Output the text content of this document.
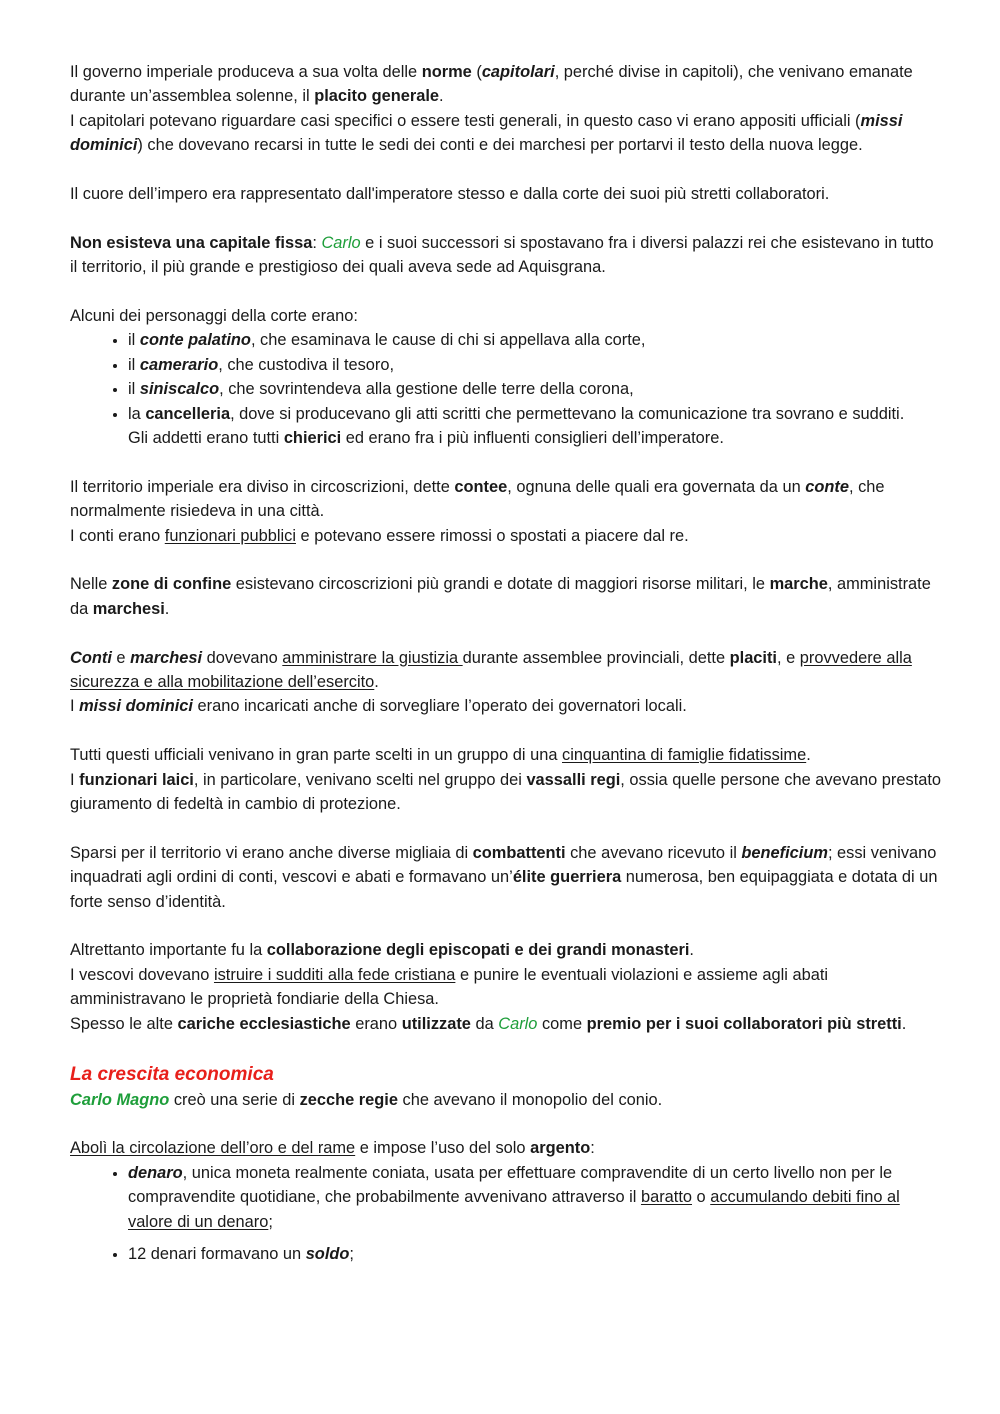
Il governo imperiale produceva a sua volta delle norme (capitolari, perché divise in capitoli), che venivano emanate durante un’assemblea solenne, il placito generale.

I capitolari potevano riguardare casi specifici o essere testi generali, in questo caso vi erano appositi ufficiali (missi dominici) che dovevano recarsi in tutte le sedi dei conti e dei marchesi per portarvi il testo della nuova legge.

Il cuore dell’impero era rappresentato dall'imperatore stesso e dalla corte dei suoi più stretti collaboratori.

Non esisteva una capitale fissa: Carlo e i suoi successori si spostavano fra i diversi palazzi rei che esistevano in tutto il territorio, il più grande e prestigioso dei quali aveva sede ad Aquisgrana.

Alcuni dei personaggi della corte erano:

• il conte palatino, che esaminava le cause di chi si appellava alla corte,
• il camerario, che custodiva il tesoro,
• il siniscalco, che sovrintendeva alla gestione delle terre della corona,
• la cancelleria, dove si producevano gli atti scritti che permettevano la comunicazione tra sovrano e sudditi.

Gli addetti erano tutti chierici ed erano fra i più influenti consiglieri dell’imperatore.

Il territorio imperiale era diviso in circoscrizioni, dette contee, ognuna delle quali era governata da un conte, che normalmente risiedeva in una città.

I conti erano funzionari pubblici e potevano essere rimossi o spostati a piacere dal re.

Nelle zone di confine esistevano circoscrizioni più grandi e dotate di maggiori risorse militari, le marche, amministrate da marchesi.

Conti e marchesi dovevano amministrare la giustizia durante assemblee provinciali, dette placiti, e provvedere alla sicurezza e alla mobilitazione dell’esercito.

I missi dominici erano incaricati anche di sorvegliare l’operato dei governatori locali.

Tutti questi ufficiali venivano in gran parte scelti in un gruppo di una cinquantina di famiglie fidatissime.

I funzionari laici, in particolare, venivano scelti nel gruppo dei vassalli regi, ossia quelle persone che avevano prestato giuramento di fedeltà in cambio di protezione.

Sparsi per il territorio vi erano anche diverse migliaia di combattenti che avevano ricevuto il beneficium; essi venivano inquadrati agli ordini di conti, vescovi e abati e formavano un’élite guerriera numerosa, ben equipaggiata e dotata di un forte senso d’identità.

Altrettanto importante fu la collaborazione degli episcopati e dei grandi monasteri.

I vescovi dovevano istruire i sudditi alla fede cristiana e punire le eventuali violazioni e assieme agli abati amministravano le proprietà fondiarie della Chiesa.

Spesso le alte cariche ecclesiastiche erano utilizzate da Carlo come premio per i suoi collaboratori più stretti.

La crescita economica

Carlo Magno creò una serie di zecche regie che avevano il monopolio del conio.

Abolì la circolazione dell’oro e del rame e impose l’uso del solo argento:

• denaro, unica moneta realmente coniata, usata per effettuare compravendite di un certo livello non per le compravendite quotidiane, che probabilmente avvenivano attraverso il baratto o accumulando debiti fino al valore di un denaro;
• 12 denari formavano un soldo;
